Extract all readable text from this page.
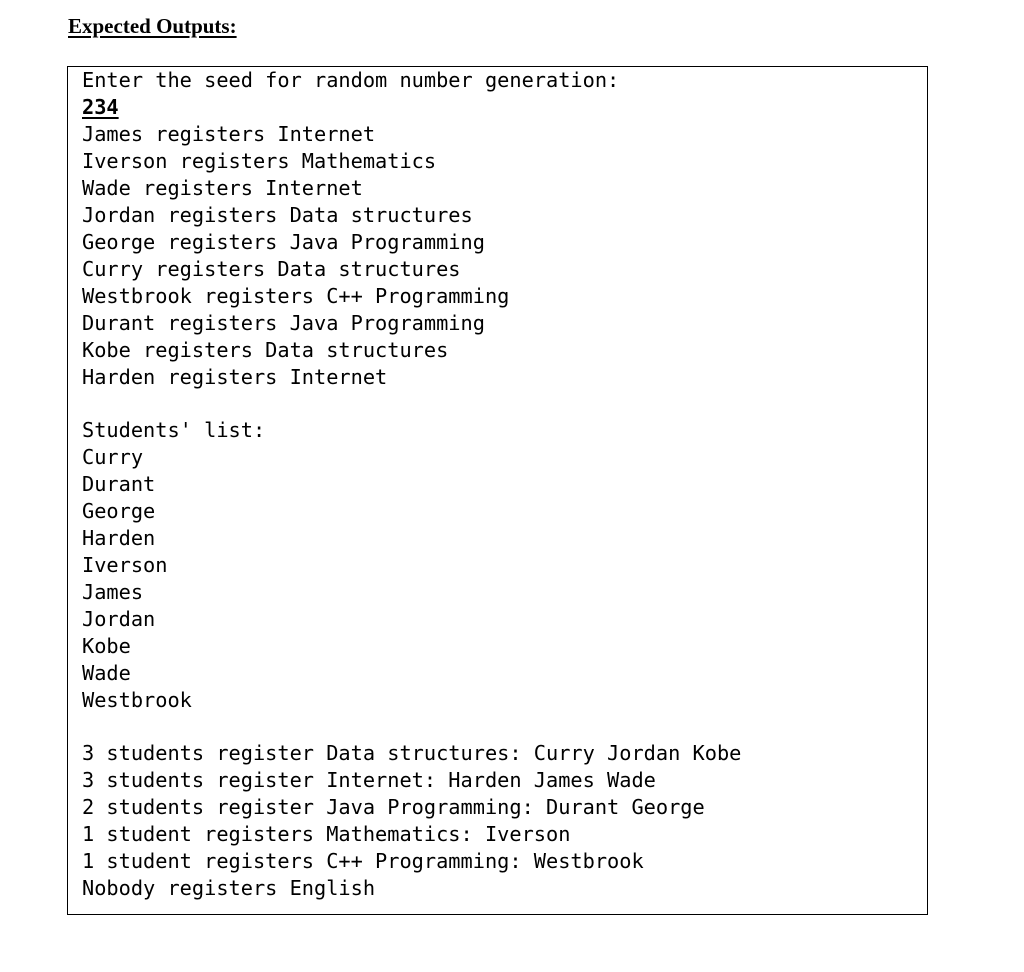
Expected Outputs:
Enter the seed for random number generation:
234
James registers Internet
Iverson registers Mathematics
Wade registers Internet
Jordan registers Data structures
George registers Java Programming
Curry registers Data structures
Westbrook registers C++ Programming
Durant registers Java Programming
Kobe registers Data structures
Harden registers Internet
Students' list:
Curry
Durant
George
Harden
Iverson
James
Jordan
Kobe
Wade
Westbrook
3 students register Data structures: Curry Jordan Kobe
3 students register Internet: Harden James Wade
2 students register Java Programming: Durant George
1 student registers Mathematics: Iverson
1 student registers C++ Programming: Westbrook
Nobody registers English
